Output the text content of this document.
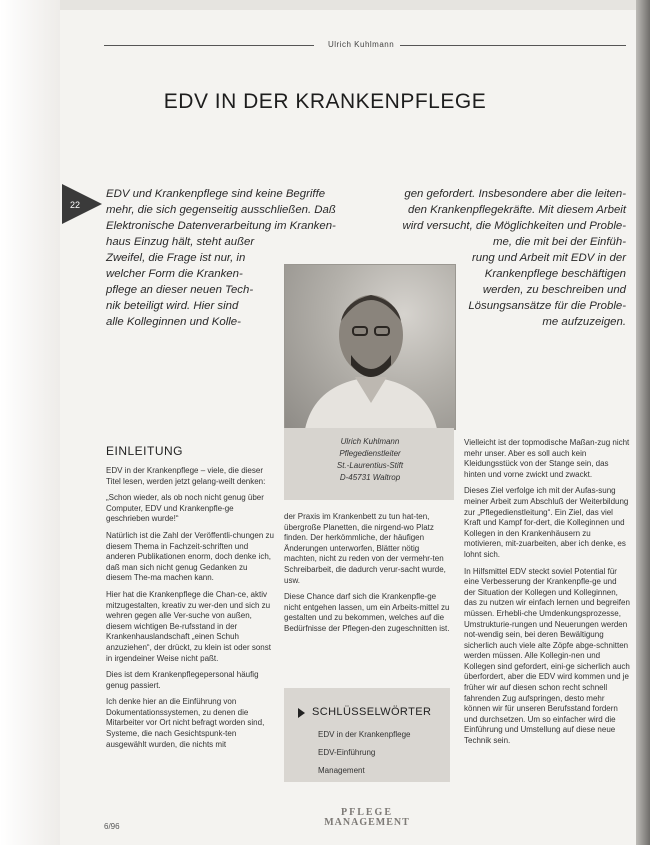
Ulrich Kuhlmann
EDV IN DER KRANKENPFLEGE
22

EDV und Krankenpflege sind keine Begriffe

mehr, die sich gegenseitig ausschließen. Daß

Elektronische Datenverarbeitung im Kranken-

haus Einzug hält, steht außer

Zweifel, die Frage ist nur, in

welcher Form die Kranken-

pflege an dieser neuen Tech-

nik beteiligt wird. Hier sind

alle Kolleginnen und Kolle-

gen gefordert. Insbesondere aber die leiten-

den Krankenpflegekräfte. Mit diesem Arbeit

wird versucht, die Möglichkeiten und Proble-

me, die mit bei der Einfüh-

rung und Arbeit mit EDV in der

Krankenpflege beschäftigen

werden, zu beschreiben und

Lösungsansätze für die Proble-

me aufzuzeigen.

Ulrich Kuhlmann
Pflegedienstleiter
St.-Laurentius-Stift
D-45731 Waltrop
EINLEITUNG

EDV in der Krankenpflege – viele, die dieser Titel lesen, werden jetzt gelang-weilt denken:

„Schon wieder, als ob noch nicht genug über Computer, EDV und Krankenpfle-ge geschrieben wurde!“

Natürlich ist die Zahl der Veröffentli-chungen zu diesem Thema in Fachzeit-schriften und anderen Publikationen enorm, doch denke ich, daß man sich nicht genug Gedanken zu diesem The-ma machen kann.

Hier hat die Krankenpflege die Chan-ce, aktiv mitzugestalten, kreativ zu wer-den und sich zu wehren gegen alle Ver-suche von außen, diesem wichtigen Be-rufsstand in der Krankenhauslandschaft „einen Schuh anzuziehen“, der drückt, zu klein ist oder sonst in irgendeiner Weise nicht paßt.

Dies ist dem Krankenpflegepersonal häufig genug passiert.

Ich denke hier an die Einführung von Dokumentationssystemen, zu denen die Mitarbeiter vor Ort nicht befragt worden sind, Systeme, die nach Gesichtspunk-ten ausgewählt wurden, die nichts mit

der Praxis im Krankenbett zu tun hat-ten, übergroße Planetten, die nirgend-wo Platz finden. Der herkömmliche, der häufigen Änderungen unterworfen, Blätter nötig machten, nicht zu reden von der vermehr-ten Schreibarbeit, die dadurch verur-sacht wurde, usw.

Diese Chance darf sich die Krankenpfle-ge nicht entgehen lassen, um ein Arbeits-mittel zu gestalten und zu bekommen, welches auf die Bedürfnisse der Pflegen-den zugeschnitten ist.

Vielleicht ist der topmodische Maßan-zug nicht mehr unser. Aber es soll auch kein Kleidungsstück von der Stange sein, das hinten und vorne zwickt und zwackt.

Dieses Ziel verfolge ich mit der Aufas-sung meiner Arbeit zum Abschluß der Weiterbildung zur „Pflegedienstleitung“. Ein Ziel, das viel Kraft und Kampf for-dert, die Kolleginnen und Kollegen in den Krankenhäusern zu motivieren, mit-zuarbeiten, aber ich denke, es lohnt sich.

In Hilfsmittel EDV steckt soviel Potential für eine Verbesserung der Krankenpfle-ge und der Situation der Kollegen und Kolleginnen, das zu nutzen wir einfach lernen und begreifen müssen. Erhebli-che Umdenkungsprozesse, Umstrukturie-rungen und Neuerungen werden not-wendig sein, bei deren Bewältigung sicherlich auch viele alte Zöpfe abge-schnitten werden müssen. Alle Kollegin-nen und Kollegen sind gefordert, eini-ge sicherlich auch überfordert, aber die EDV wird kommen und je früher wir auf diesen schon recht schnell fahrenden Zug aufspringen, desto mehr können wir für unseren Berufsstand fordern und durchsetzen. Um so einfacher wird die Einführung und Umstellung auf diese neue Technik sein.

SCHLÜSSELWÖRTER
EDV in der Krankenpflege
EDV-Einführung
Management
PFLEGE
MANAGEMENT
6/96
